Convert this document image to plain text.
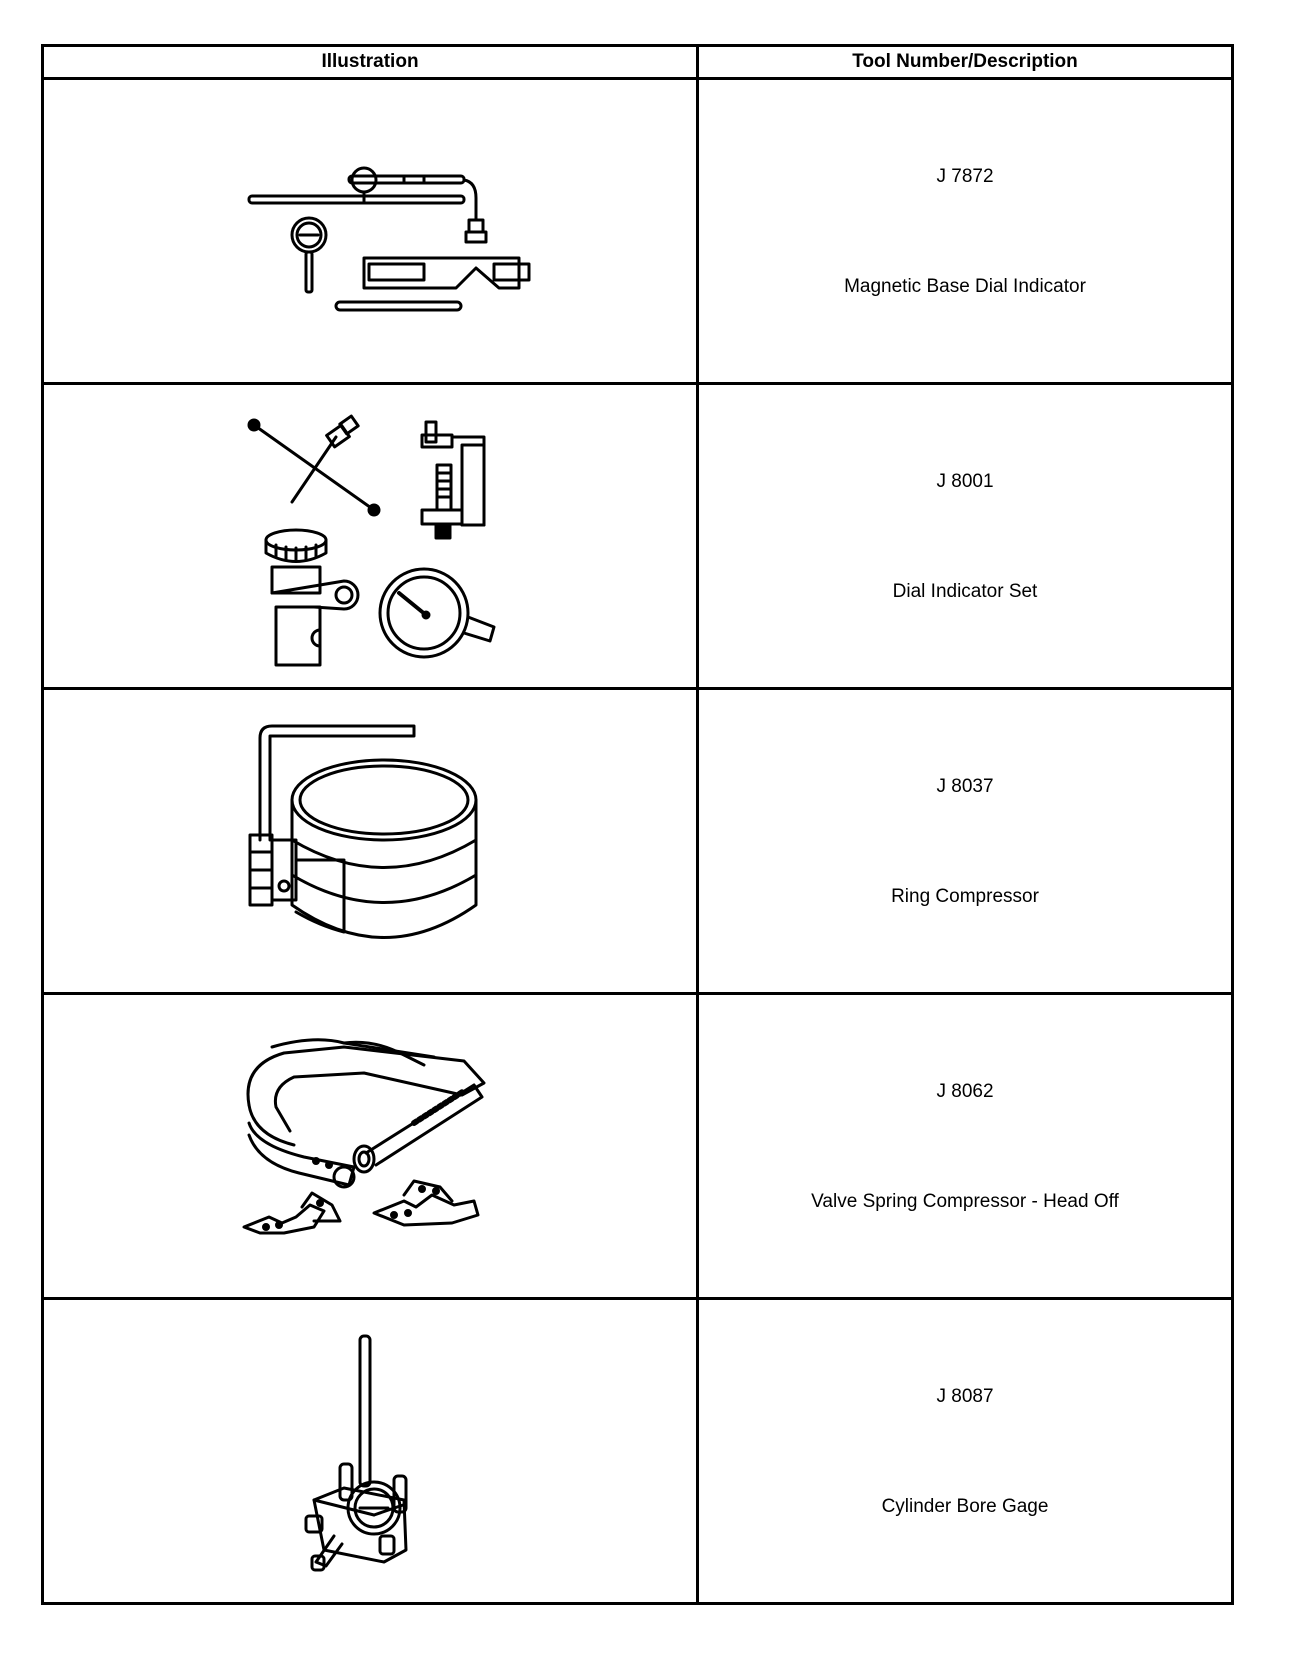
Illustration	Tool Number/Description

J 7872
Magnetic Base Dial Indicator

J 8001
Dial Indicator Set

J 8037
Ring Compressor

J 8062
Valve Spring Compressor - Head Off

J 8087
Cylinder Bore Gage
